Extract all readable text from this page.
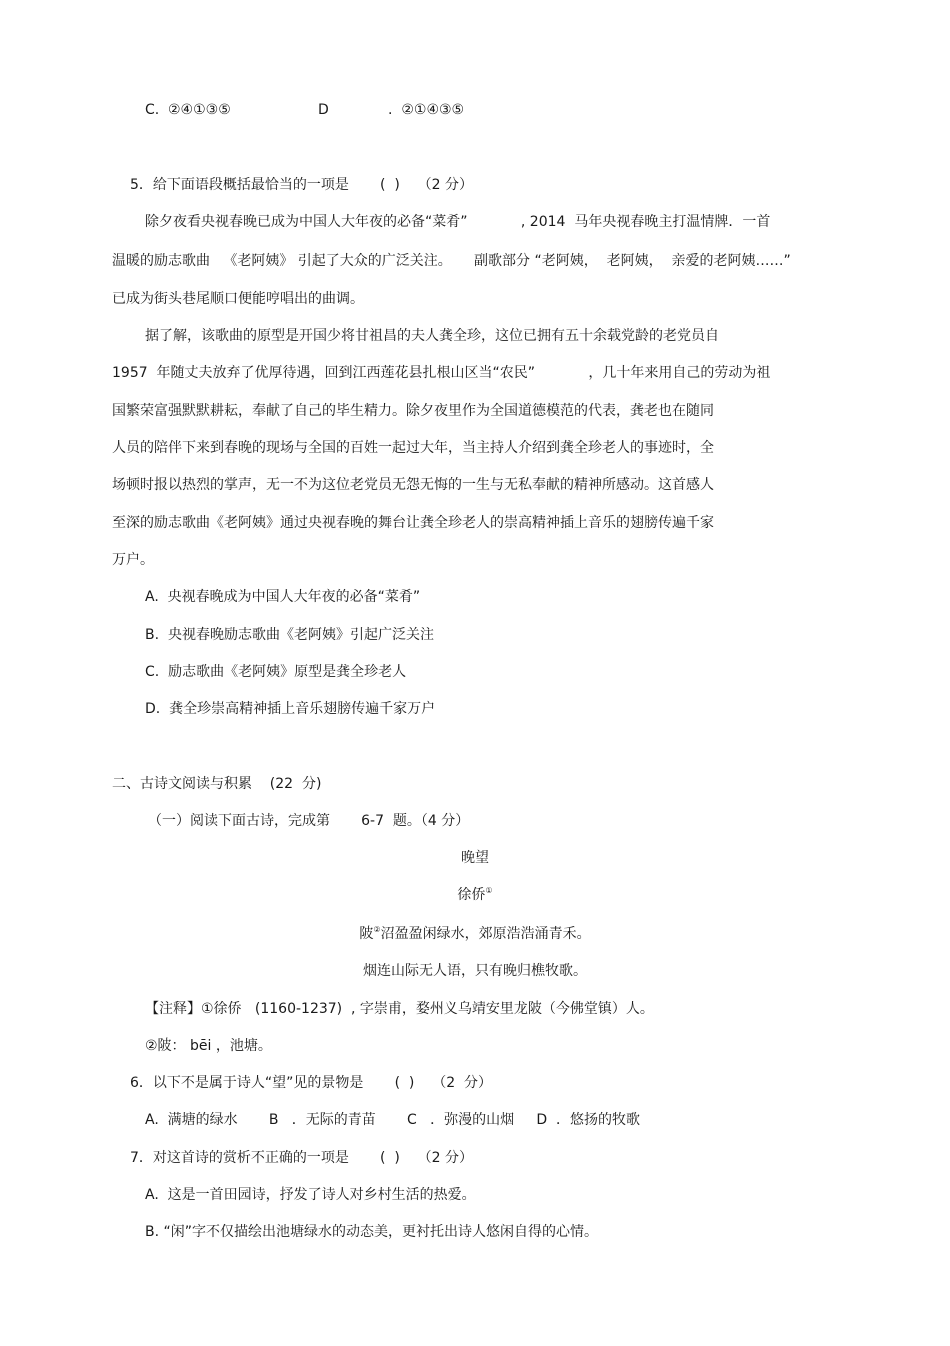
C. ②④①③⑤	D	.  ②①④③⑤
5．给下面语段概括最恰当的一项是       (  )    （2 分）
除夕夜看央视春晚已成为中国人大年夜的必备“菜肴”            , 2014  马年央视春晚主打温情牌．一首
温暖的励志歌曲   《老阿姨》 引起了大众的广泛关注。     副歌部分 “老阿姨，  老阿姨，  亲爱的老阿姨……”
已成为街头巷尾顺口便能哼唱出的曲调。
据了解，该歌曲的原型是开国少将甘祖昌的夫人龚全珍，这位已拥有五十余载党龄的老党员自
1957  年随丈夫放弃了优厚待遇，回到江西莲花县扎根山区当“农民”            ，几十年来用自己的劳动为祖
国繁荣富强默默耕耘，奉献了自己的毕生精力。除夕夜里作为全国道德模范的代表，龚老也在随同
人员的陪伴下来到春晚的现场与全国的百姓一起过大年，当主持人介绍到龚全珍老人的事迹时，全
场顿时报以热烈的掌声，无一不为这位老党员无怨无悔的一生与无私奉献的精神所感动。这首感人
至深的励志歌曲《老阿姨》通过央视春晚的舞台让龚全珍老人的崇高精神插上音乐的翅膀传遍千家
万户。
A.  央视春晚成为中国人大年夜的必备“菜肴”
B.  央视春晚励志歌曲《老阿姨》引起广泛关注
C.  励志歌曲《老阿姨》原型是龚全珍老人
D.  龚全珍崇高精神插上音乐翅膀传遍千家万户
二、古诗文阅读与积累    (22  分)
（一）阅读下面古诗，完成第       6-7  题。（4 分）
晚望
徐侨①
陂②沼盈盈闲绿水，郊原浩浩涌青禾。
烟连山际无人语，只有晚归樵牧歌。
【注释】①徐侨   (1160-1237)  , 字崇甫，婺州义乌靖安里龙陂（今佛堂镇）人。
②陂： bēi ，池塘。
6．以下不是属于诗人“望”见的景物是       (  )    （2  分）
A.  满塘的绿水       B   ．无际的青苗       C   ．弥漫的山烟     D  ．悠扬的牧歌
7．对这首诗的赏析不正确的一项是       (  )    （2 分）
A.  这是一首田园诗，抒发了诗人对乡村生活的热爱。
B. “闲”字不仅描绘出池塘绿水的动态美，更衬托出诗人悠闲自得的心情。
